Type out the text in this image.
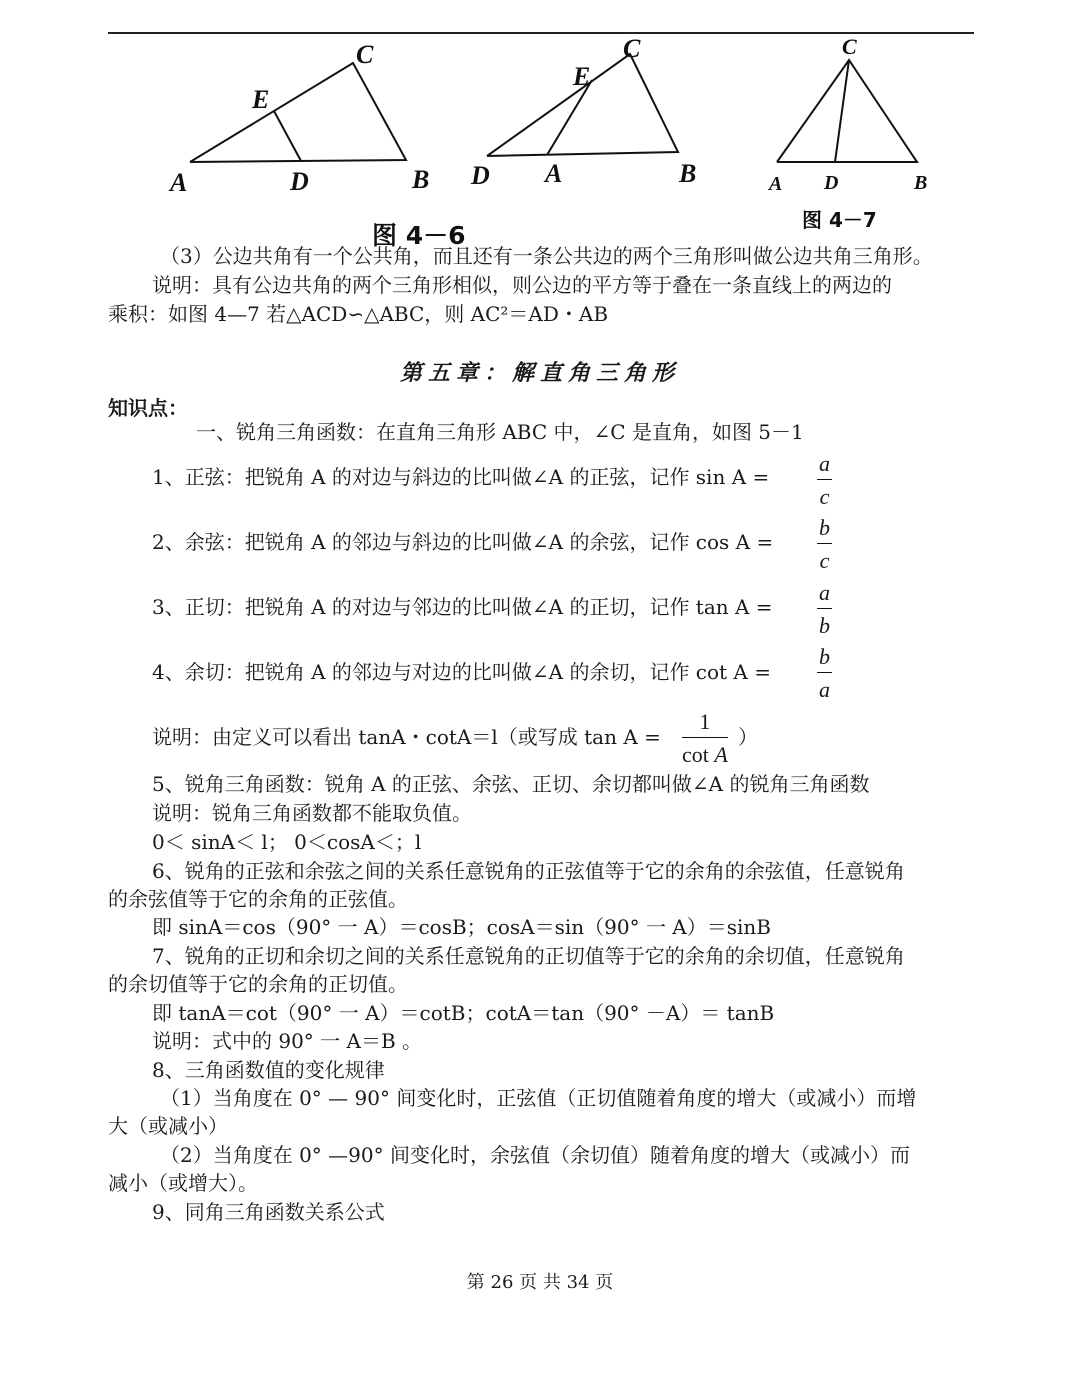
C
E
A	D	B
C
E
D A	B
C
A D	B
图 4－6
图 4－7
（3）公边共角有一个公共角，而且还有一条公共边的两个三角形叫做公边共角三角形。
说明：具有公边共角的两个三角形相似，则公边的平方等于叠在一条直线上的两边的
乘积：如图 4—7 若△ACD∽△ABC，则 AC²＝AD・AB
第五章：解直角三角形
知识点：
一、锐角三角函数：在直角三角形 ABC 中，∠C 是直角，如图 5－1
1、正弦：把锐角 A 的对边与斜边的比叫做∠A 的正弦，记作 sin A =
a
c
2、余弦：把锐角 A 的邻边与斜边的比叫做∠A 的余弦，记作 cos A =
b
c
3、正切：把锐角 A 的对边与邻边的比叫做∠A 的正切，记作 tan A =
a
b
4、余切：把锐角 A 的邻边与对边的比叫做∠A 的余切，记作 cot A =
b
a
说明：由定义可以看出 tanA・cotA＝l（或写成 tan A =
1
cot A
）
5、锐角三角函数：锐角 A 的正弦、余弦、正切、余切都叫做∠A 的锐角三角函数
说明：锐角三角函数都不能取负值。
0＜ sinA＜ l； 0＜cosA＜；l
6、锐角的正弦和余弦之间的关系任意锐角的正弦值等于它的余角的余弦值，任意锐角
的余弦值等于它的余角的正弦值。
即 sinA＝cos（90° 一 A）＝cosB；cosA＝sin（90° 一 A）＝sinB
7、锐角的正切和余切之间的关系任意锐角的正切值等于它的余角的余切值，任意锐角
的余切值等于它的余角的正切值。
即 tanA＝cot（90° 一 A）＝cotB；cotA＝tan（90° －A）＝ tanB
说明：式中的 90° 一 A＝B 。
8、三角函数值的变化规律
（1）当角度在 0° — 90° 间变化时，正弦值（正切值随着角度的增大（或减小）而增
大（或减小）
（2）当角度在 0° —90° 间变化时，余弦值（余切值）随着角度的增大（或减小）而
减小（或增大）。
9、同角三角函数关系公式
第 26 页 共 34 页
